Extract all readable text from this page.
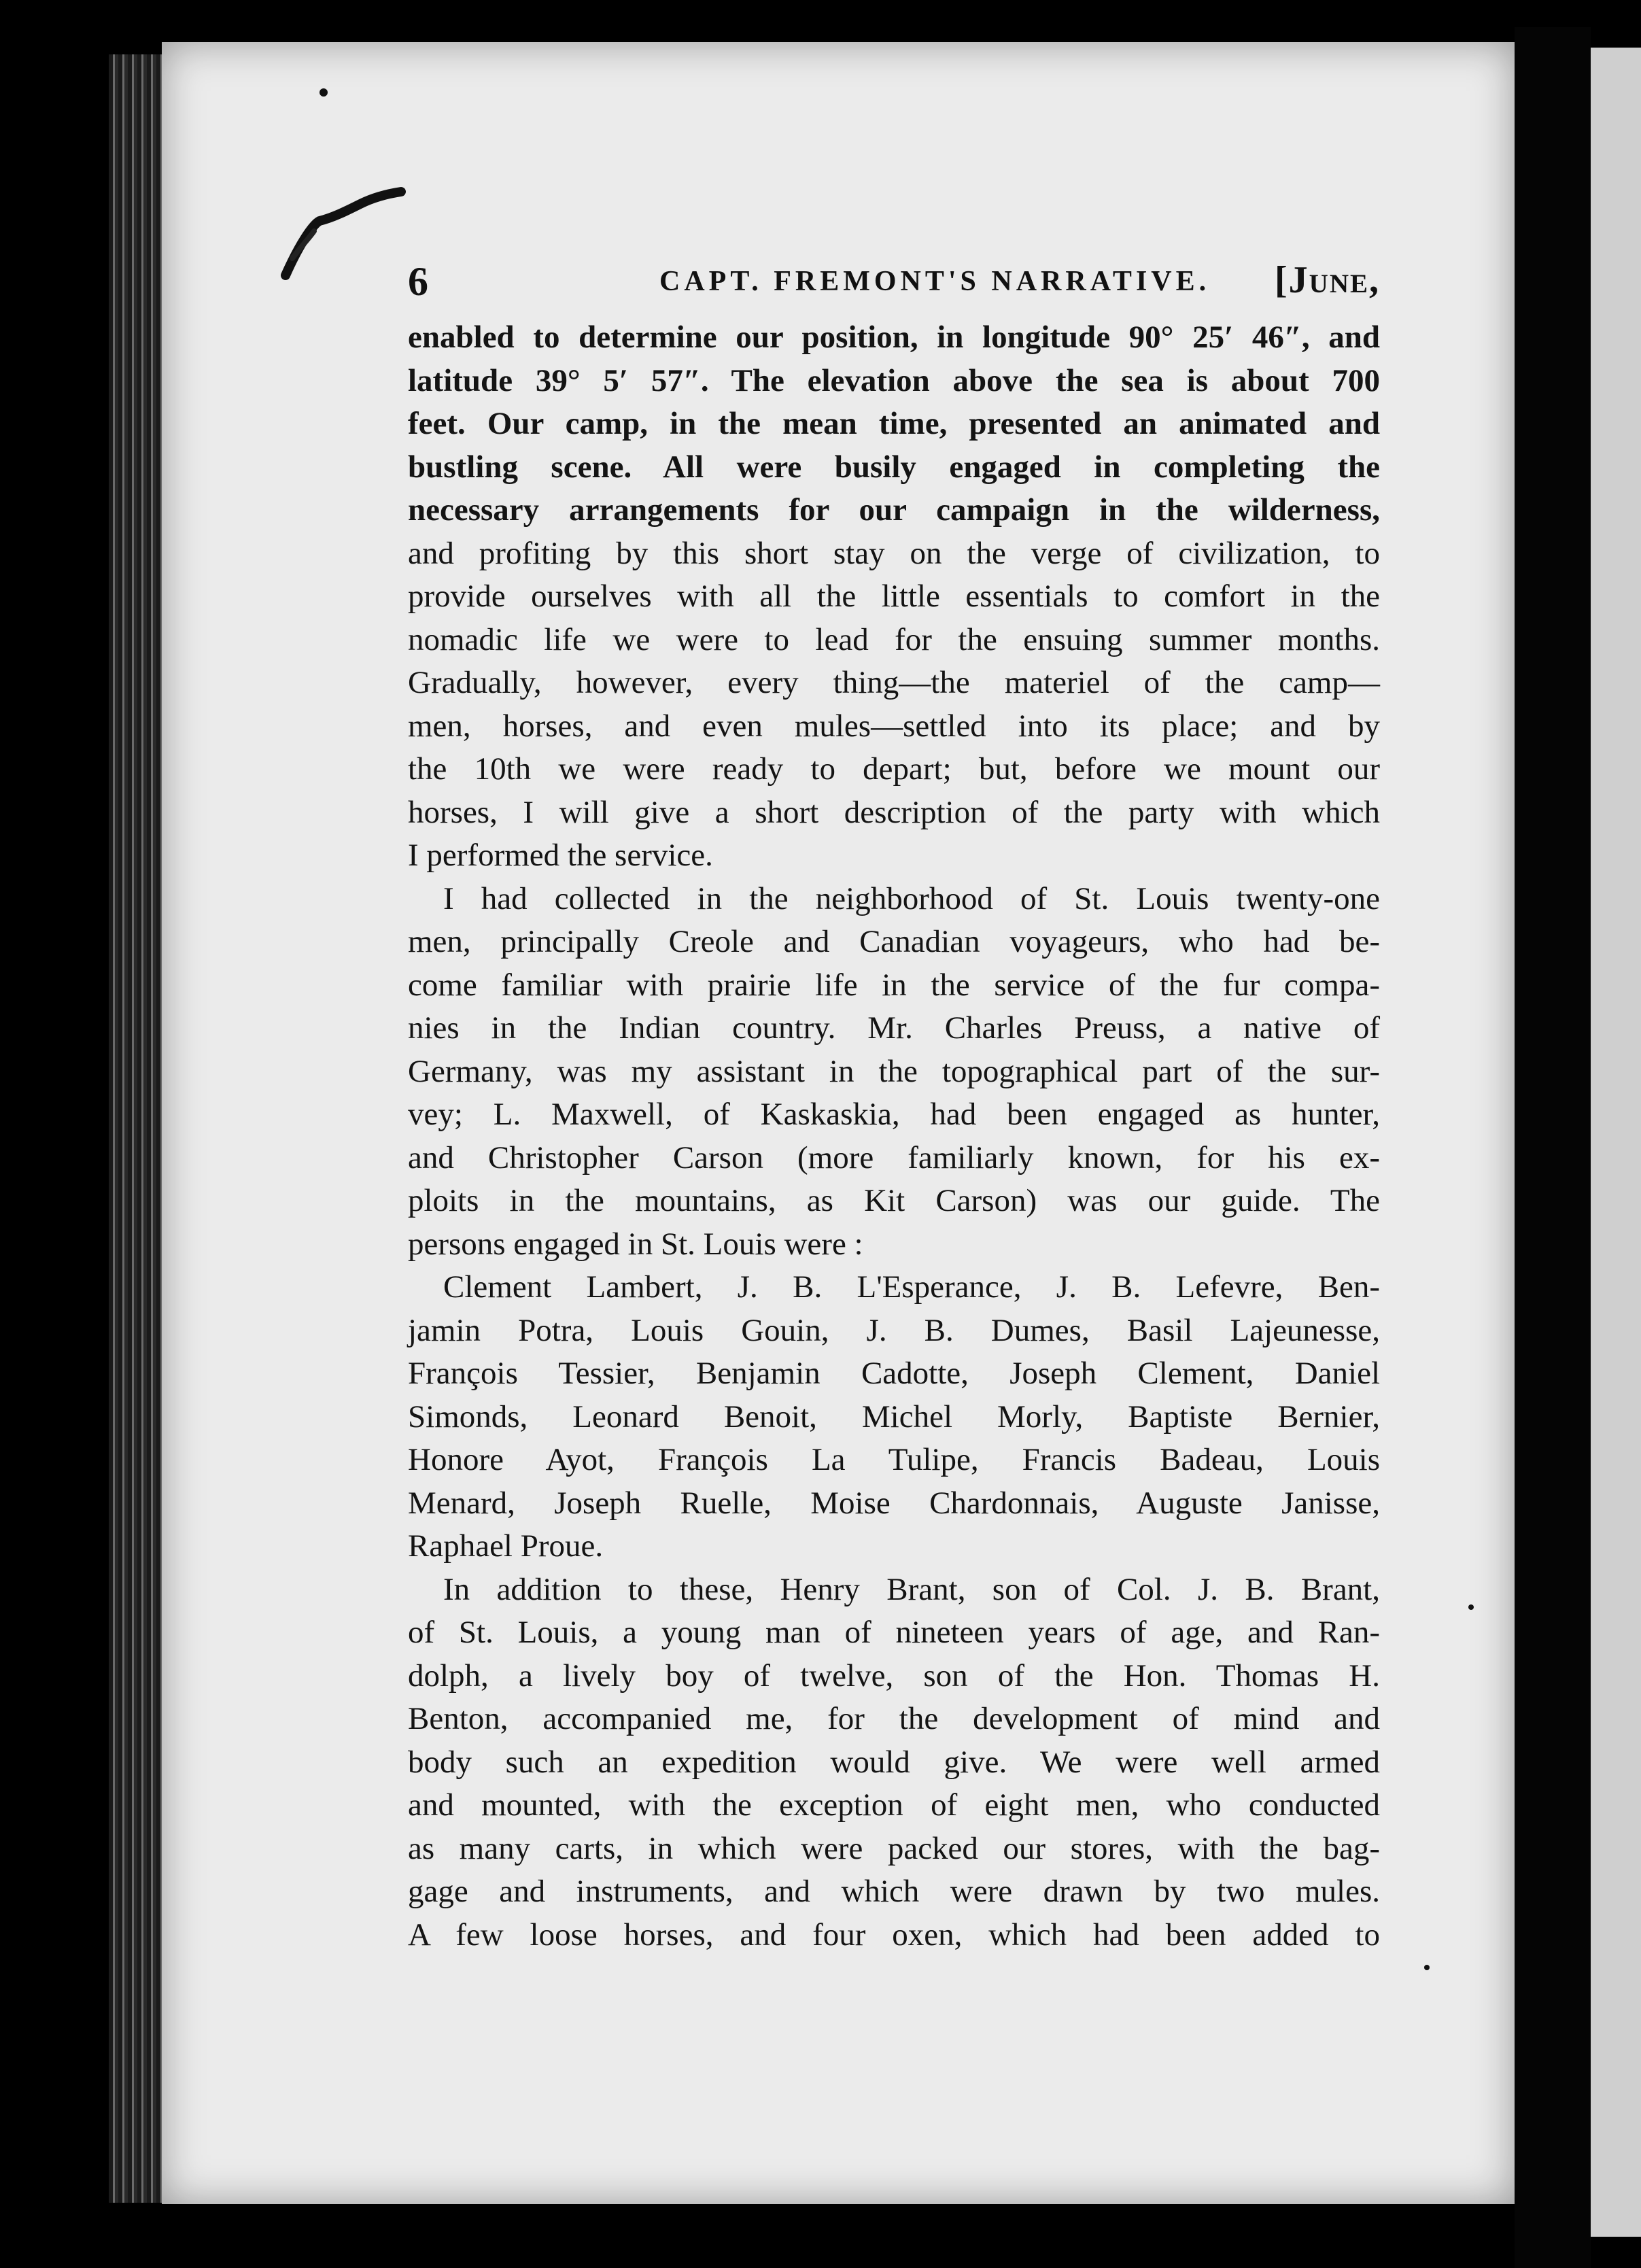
6	CAPT. FREMONT'S NARRATIVE. [June,
enabled to determine our position, in longitude 90° 25′ 46″, and
latitude 39° 5′ 57″. The elevation above the sea is about 700
feet. Our camp, in the mean time, presented an animated and
bustling scene. All were busily engaged in completing the
necessary arrangements for our campaign in the wilderness,
and profiting by this short stay on the verge of civilization, to
provide ourselves with all the little essentials to comfort in the
nomadic life we were to lead for the ensuing summer months.
Gradually, however, every thing—the materiel of the camp—
men, horses, and even mules—settled into its place; and by
the 10th we were ready to depart; but, before we mount our
horses, I will give a short description of the party with which
I performed the service.
I had collected in the neighborhood of St. Louis twenty-one
men, principally Creole and Canadian voyageurs, who had be-
come familiar with prairie life in the service of the fur compa-
nies in the Indian country. Mr. Charles Preuss, a native of
Germany, was my assistant in the topographical part of the sur-
vey; L. Maxwell, of Kaskaskia, had been engaged as hunter,
and Christopher Carson (more familiarly known, for his ex-
ploits in the mountains, as Kit Carson) was our guide. The
persons engaged in St. Louis were :
Clement Lambert, J. B. L'Esperance, J. B. Lefevre, Ben-
jamin Potra, Louis Gouin, J. B. Dumes, Basil Lajeunesse,
François Tessier, Benjamin Cadotte, Joseph Clement, Daniel
Simonds, Leonard Benoit, Michel Morly, Baptiste Bernier,
Honore Ayot, François La Tulipe, Francis Badeau, Louis
Menard, Joseph Ruelle, Moise Chardonnais, Auguste Janisse,
Raphael Proue.
In addition to these, Henry Brant, son of Col. J. B. Brant,
of St. Louis, a young man of nineteen years of age, and Ran-
dolph, a lively boy of twelve, son of the Hon. Thomas H.
Benton, accompanied me, for the development of mind and
body such an expedition would give. We were well armed
and mounted, with the exception of eight men, who conducted
as many carts, in which were packed our stores, with the bag-
gage and instruments, and which were drawn by two mules.
A few loose horses, and four oxen, which had been added to
